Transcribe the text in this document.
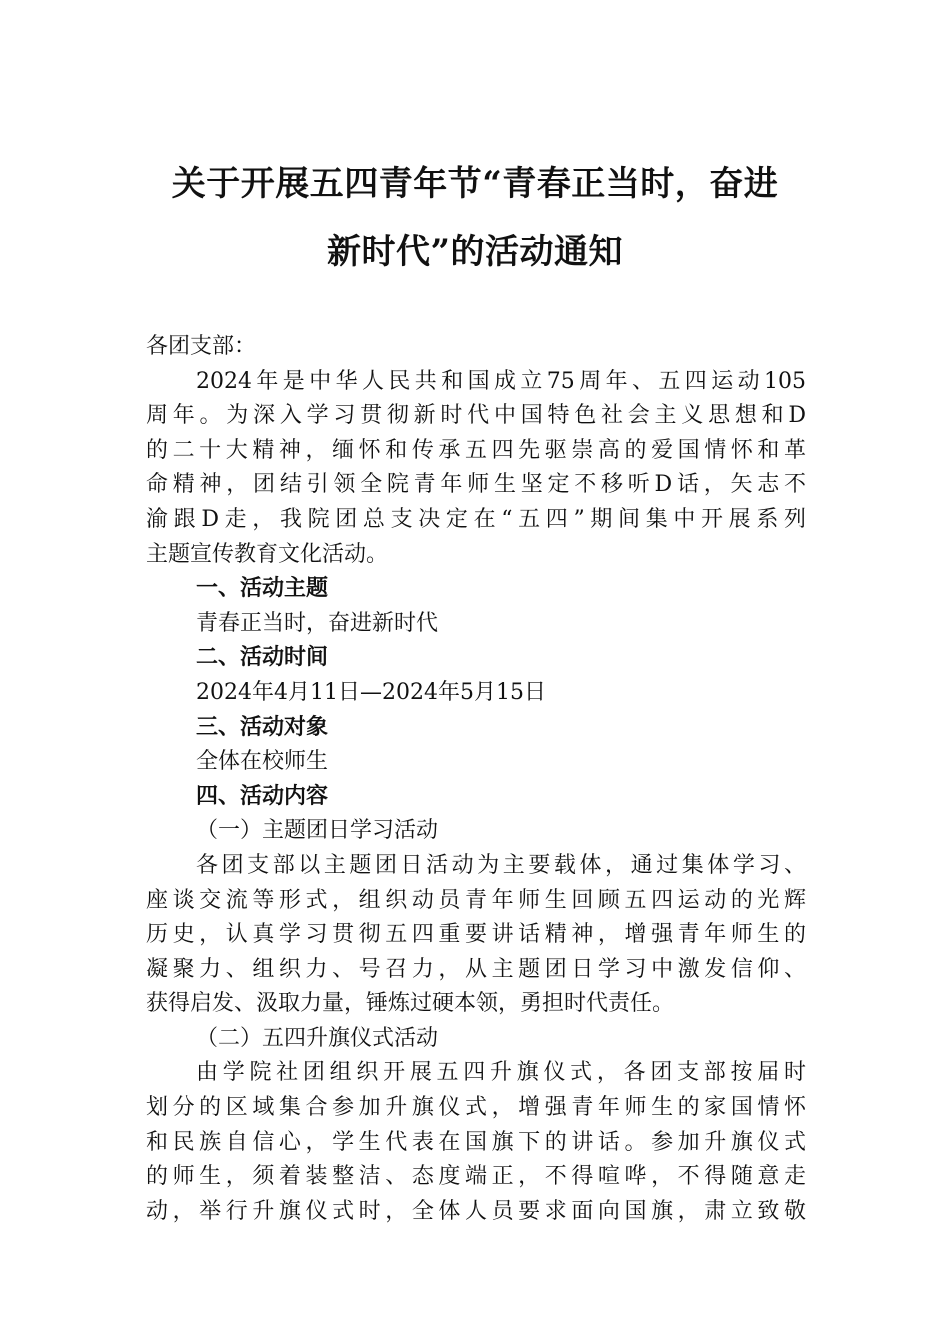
关于开展五四青年节“青春正当时，奋进
新时代”的活动通知
各团支部：
2024年是中华人民共和国成立75周年、五四运动105
周年。为深入学习贯彻新时代中国特色社会主义思想和D
的二十大精神，缅怀和传承五四先驱崇高的爱国情怀和革
命精神，团结引领全院青年师生坚定不移听D话，矢志不
渝跟D走，我院团总支决定在“五四”期间集中开展系列
主题宣传教育文化活动。
一、活动主题
青春正当时，奋进新时代
二、活动时间
2024年4月11日—2024年5月15日
三、活动对象
全体在校师生
四、活动内容
（一）主题团日学习活动
各团支部以主题团日活动为主要载体，通过集体学习、
座谈交流等形式，组织动员青年师生回顾五四运动的光辉
历史，认真学习贯彻五四重要讲话精神，增强青年师生的
凝聚力、组织力、号召力，从主题团日学习中激发信仰、
获得启发、汲取力量，锤炼过硬本领，勇担时代责任。
（二）五四升旗仪式活动
由学院社团组织开展五四升旗仪式，各团支部按届时
划分的区域集合参加升旗仪式，增强青年师生的家国情怀
和民族自信心，学生代表在国旗下的讲话。参加升旗仪式
的师生，须着装整洁、态度端正，不得喧哗，不得随意走
动，举行升旗仪式时，全体人员要求面向国旗，肃立致敬
